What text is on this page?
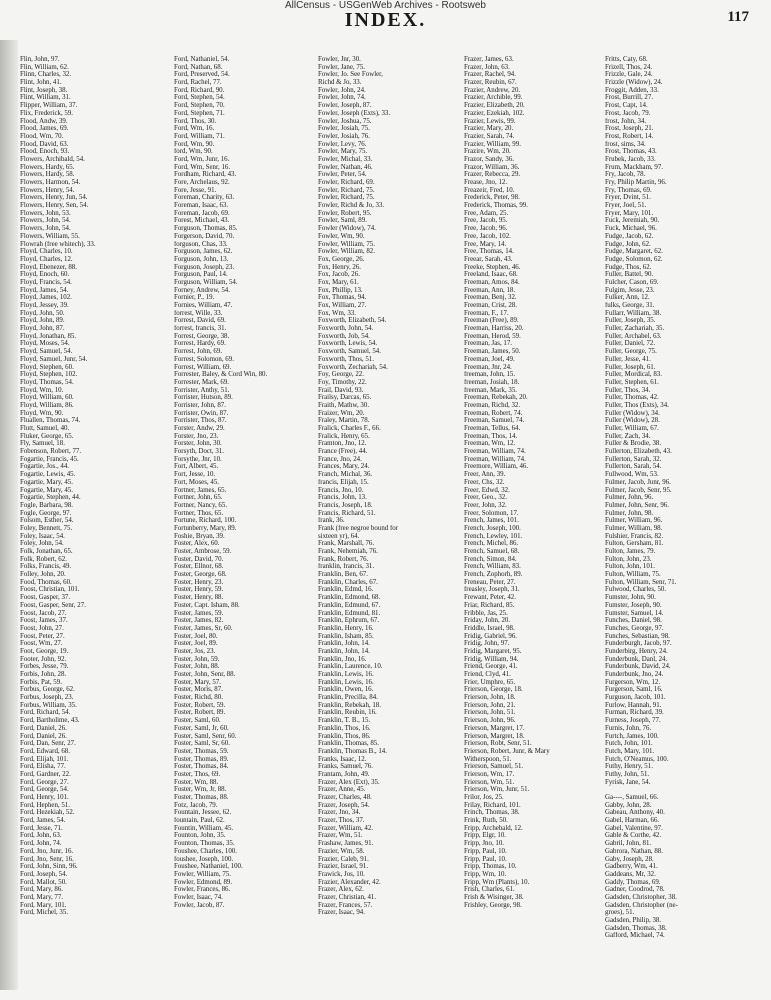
AllCensus - USGenWeb Archives - Rootsweb
INDEX.	117
Flin, John, 97.
Flin, William, 62.
Flinn, Charles, 32.
Flint, John, 41.
Flint, Joseph, 38.
Flint, William, 31.
Flipper, William, 37.
Flix, Frederick, 59.
Flood, Andw, 39.
Flood, James, 69.
Flood, Wm, 70.
Flood, David, 63.
Flood, Enoch, 93.
Flowers, Archibald, 54.
Flowers, Hardy, 65.
Flowers, Hardy, 58.
Flowers, Harmon, 54.
Flowers, Henry, 54.
Flowers, Henry, Jun, 54.
Flowers, Henry, Sen, 54.
Flowers, John, 53.
Flowers, John, 54.
Flowers, John, 54.
Flowers, William, 55.
Flowrah (free whitech), 33.
Floyd, Charles, 10.
Floyd, Charles, 12.
Floyd, Ebenezer, 88.
Floyd, Enoch, 60.
Floyd, Francis, 54.
Floyd, James, 54.
Floyd, James, 102.
Floyd, Jessey, 39.
Floyd, John, 50.
Floyd, John, 89.
Floyd, John, 87.
Floyd, Jonathan, 85.
Floyd, Moses, 54.
Floyd, Samuel, 54.
Floyd, Samuel, Junr, 54.
Floyd, Stephen, 60.
Floyd, Stephen, 102.
Floyd, Thomas, 54.
Floyd, Wm, 10.
Floyd, William, 60.
Floyd, William, 86.
Floyd, Wm, 90.
Fluallen, Thomas, 74.
Flutt, Samuel, 40.
Fluker, George, 65.
Fly, Samuel, 18.
Fobenson, Robert, 77.
Fogartie, Francis, 45.
Fogartie, Jos., 44.
Fogartie, Lewis, 45.
Fogartie, Mary, 45.
Fogartie, Mary, 45.
Fogartie, Stephen, 44.
Fogle, Barbara, 98.
Fogle, George, 97.
Folsom, Esther, 54.
Foley, Bennett, 75.
Foley, Isaac, 54.
Foley, John, 54.
Folk, Jonathan, 65.
Folk, Robert, 62.
Folks, Francis, 49.
Folley, John, 20.
Food, Thomas, 60.
Foost, Christian, 101.
Foost, Gasper, 37.
Foost, Gasper, Senr, 27.
Foost, Jacob, 27.
Foost, James, 37.
Foost, John, 27.
Foost, Peter, 27.
Foost, Wm, 27.
Foot, George, 19.
Footer, John, 92.
Forbes, Jesse, 79.
Forbis, John, 28.
Forbis, Pat, 59.
Forbus, George, 62.
Forbus, Joseph, 23.
Forbus, William, 35.
Ford, Richard, 54.
Ford, Bartholime, 43.
Ford, Daniel, 26.
Ford, Daniel, 26.
Ford, Dan, Senr, 27.
Ford, Edward, 68.
Ford, Elijah, 101.
Ford, Elisha, 77.
Ford, Gardner, 22.
Ford, George, 27.
Ford, George, 54.
Ford, Henry, 101.
Ford, Hephen, 51.
Ford, Hezekiah, 52.
Ford, James, 54.
Ford, Jesse, 71.
Ford, John, 63.
Ford, John, 74.
Ford, Jno, Junr, 16.
Ford, Jno, Senr, 16.
Ford, John, Sinn, 96.
Ford, Joseph, 54.
Ford, Mallot, 50.
Ford, Mary, 86.
Ford, Mary, 77.
Ford, Mary, 101.
Ford, Michel, 35.
Ford, Nathaniel, 54.
Ford, Nathan, 68.
Ford, Preserved, 54.
Ford, Rachel, 77.
Ford, Richard, 90.
Ford, Stephen, 54.
Ford, Stephen, 70.
Ford, Stephen, 71.
Ford, Thos, 30.
Ford, Wm, 16.
Ford, William, 71.
Ford, Wm, 90.
ford, Wm, 90.
Ford, Wm, Junr, 16.
Ford, Wm, Senr, 16.
Fordham, Richard, 43.
Fore, Archelaus, 92.
Fore, Jesse, 91.
Foreman, Charity, 63.
Foreman, Isaac, 63.
Foreman, Jacob, 69.
Forest, Michael, 43.
Forguson, Thomas, 85.
Forgerson, David, 70.
forguson, Chas, 33.
Forguson, James, 62.
Forguson, John, 13.
Forguson, Joseph, 23.
Forguson, Paul, 14.
Forguson, William, 54.
Forney, Andrew, 54.
Fornier, P., 19.
Fornies, William, 47.
forrest, Wille, 33.
Forrest, David, 69.
forrest, francis, 31.
Forrest, George, 38.
Forrest, Hardy, 69.
Forrest, John, 69.
Forrest, Solomon, 69.
Forrest, William, 69.
Forrester, Baley, & Cord Win, 80.
Forrester, Mark, 69.
Forrister, Anthy, 51.
Forrister, Hutson, 89.
Forrister, John, 87.
Forrister, Owin, 87.
Forrister, Thos, 87.
Forster, Andw, 29.
Forster, Jno, 23.
Forster, John, 30.
Forsyth, Doct, 31.
Forsythe, Jnr, 10.
Fort, Albert, 45.
Fort, Jesse, 10.
Fort, Moses, 45.
Fortner, James, 65.
Fortner, John, 65.
Fortner, Nancy, 65.
Fortner, Thos, 65.
Fortune, Richard, 100.
Fortunberry, Mary, 89.
Foshie, Bryan, 39.
Foster, Alex, 60.
Foster, Ambrose, 59.
Foster, David, 70.
Foster, Ellnor, 68.
Foster, George, 68.
Foster, Henry, 23.
Foster, Henry, 59.
Foster, Henry, 88.
Foster, Capt. Isham, 88.
Foster, James, 59.
Foster, James, 82.
Foster, James, Sr, 60.
Foster, Joel, 80.
Foster, Joel, 89.
Foster, Jos, 23.
Foster, John, 59.
Foster, John, 88.
Foster, John, Senr, 88.
Foster, Mary, 57.
Foster, Moris, 87.
Foster, Richd, 80.
Foster, Robert, 59.
Foster, Robert, 89.
Foster, Saml, 60.
Foster, Saml, Jr, 60.
Foster, Saml, Senr, 60.
Foster, Saml, Sr, 60.
Foster, Thomas, 59.
Foster, Thomas, 89.
Foster, Thomas, 84.
Foster, Thos, 69.
Foster, Wm, 88.
Foster, Wm, Jr, 88.
Foster, Thomas, 88.
Fotz, Jacob, 79.
Fountain, Jessee, 62.
fountain, Paul, 62.
Fountin, William, 45.
Founton, John, 35.
Founton, Thomas, 35.
Foushee, Charles, 100.
foushee, Joseph, 100.
Foushee, Nathaniel, 100.
Fowler, William, 75.
Fowler, Edmond, 89.
Fowler, Frances, 86.
Fowler, Isaac, 74.
Fowler, Jacob, 87.
Fowler, Jnr, 30.
Fowler, Jane, 75.
Fowler, Jo. See Fowler,
Richd & Jo, 33.
Fowler, John, 24.
Fowler, John, 74.
Fowler, Joseph, 87.
Fowler, Joseph (Exts), 33.
Fowler, Joshua, 75.
Fowler, Josiah, 75.
Fowler, Josiah, 76.
Fowler, Levy, 76.
Fowler, Mary, 75.
Fowler, Michal, 33.
Fowler, Nathan, 46.
Fowler, Peter, 54.
Fowler, Richard, 69.
Fowler, Richard, 75.
Fowler, Richard, 75.
Fowler, Richd & Jo, 33.
Fowler, Robert, 95.
Fowler, Saml, 89.
Fowler (Widow), 74.
Fowler, Wm, 90.
Fowler, William, 75.
Fowler, William, 82.
Fox, George, 26.
Fox, Henry, 26.
Fox, Jacob, 26.
Fox, Mary, 61.
Fox, Phillip, 13.
Fox, Thomas, 94.
Fox, William, 27.
Fox, Wm, 33.
Foxworth, Elizabeth, 54.
Foxworth, John, 54.
Foxworth, Job, 54.
Foxworth, Lewis, 54.
Foxworth, Samuel, 54.
Foxworth, Thos, 51.
Foxworth, Zechariah, 54.
Foy, George, 22.
Foy, Timothy, 22.
Frail, David, 93.
Frailsy, Darcas, 65.
Fraith, Mathw, 30.
Fraizer, Wm, 20.
Fraley, Martin, 78.
Fralick, Charles F., 66.
Fralick, Henry, 65.
Framton, Jno, 12.
France (Free), 44.
France, Jno, 24.
Frances, Mary, 24.
Franch, Michal, 36.
francis, Elijah, 15.
Francis, Jno, 10.
Francis, John, 13.
Francis, Joseph, 18.
Francis, Richard, 51.
frank, 36.
Frank (free negroe bound for
sixteen yr), 64.
Frank, Marshall, 76.
Frank, Nehemiah, 76.
Frank, Robert, 76.
franklin, francis, 31.
Franklin, Ben, 67.
Franklin, Charles, 67.
Franklin, Edmd, 16.
Franklin, Edmond, 68.
Franklin, Edmund, 67.
Franklin, Edmund, 81.
Franklin, Ephrum, 67.
Franklin, Henry, 16.
Franklin, Isham, 85.
Franklin, John, 14.
Franklin, John, 14.
Franklin, Jno, 16.
Franklin, Laurence, 10.
Franklin, Lewis, 16.
Franklin, Lewis, 16.
Franklin, Owen, 16.
Franklin, Precilla, 84.
Franklin, Rebekah, 18.
Franklin, Reubin, 16.
Franklin, T. B., 15.
Franklin, Thos, 16.
Franklin, Thos, 86.
Franklin, Thomas, 85.
Franklin, Thomas B., 14.
Franks, Isaac, 12.
Franks, Samuel, 76.
Frantam, John, 49.
Frazer, Alex (Ext), 35.
Frazer, Anne, 45.
Frazer, Charles, 48.
Frazer, Joseph, 54.
Frazer, Jno, 34.
Frazer, Thos, 37.
Frazer, William, 42.
Frazer, Wm, 51.
Frashaw, James, 91.
Frazier, Wm, 58.
Frazier, Caleb, 91.
Frazier, Israel, 91.
Frawick, Jos, 10.
Frazier, Alexander, 42.
Frazer, Alex, 62.
Frazer, Christian, 41.
Frazer, Frances, 57.
Frazer, Isaac, 94.
Frazer, James, 63.
Frazer, John, 63.
Frazer, Rachel, 94.
Frazer, Reubin, 67.
Frazier, Andrew, 20.
Frazier, Archible, 99.
Frazier, Elizabeth, 20.
Frazier, Ezekiah, 102.
Frazier, Lewis, 99.
Frazier, Mary, 20.
Frazier, Sarah, 74.
Frazier, William, 99.
Frazire, Wm, 20.
Frazor, Sandy, 36.
Frazor, William, 36.
Frazer, Rebecca, 29.
Frease, Jno, 12.
Freazeir, Fred, 10.
Frederick, Peter, 98.
Frederick, Thomas, 99.
Free, Adam, 25.
Free, Jacob, 95.
Free, Jacob, 96.
Free, Jacob, 102.
Free, Mary, 14.
Free, Thomas, 14.
Freear, Sarah, 43.
Freeke, Stephen, 46.
Freeland, Isaac, 68.
Freeman, Amos, 84.
Freeman, Ann, 18.
Freeman, Benj, 32.
Freeman, Crist, 28.
Freeman, F., 17.
Freeman (Free), 89.
Freeman, Harriss, 20.
Freeman, Herod, 59.
Freeman, Jas, 17.
Freeman, James, 50.
Freeman, Joel, 49.
Freeman, Jnr, 24.
freeman, John, 15.
freeman, Josiah, 18.
freeman, Mark, 35.
Freeman, Rebekah, 20.
Freeman, Richd, 32.
Freeman, Robert, 74.
Freeman, Samuel, 74.
Freeman, Tellus, 64.
Freeman, Thos, 14.
Freeman, Wm, 12.
Freeman, William, 74.
Freeman, William, 74.
Freemore, William, 46.
Freer, Ann, 39.
Freer, Chs, 32.
Freer, Edwd, 32.
Freer, Geo., 32.
Freer, John, 32.
Freer, Solomon, 17.
French, James, 101.
French, Joseph, 100.
French, Lewley, 101.
French, Michel, 86.
French, Samuel, 68.
French, Simon, 84.
French, William, 83.
French, Zophorh, 89.
Freneau, Peter, 27.
freasley, Joseph, 31.
Frewant, Peter, 42.
Friar, Richard, 85.
Fribble, Jas, 25.
Friday, John, 20.
Friddle, Israel, 98.
Fridig, Gabriel, 96.
Fridig, John, 97.
Fridig, Margaret, 95.
Fridig, William, 94.
Friend, George, 41.
Friend, Clyd, 41.
Frier, Umphre, 65.
Frierson, George, 18.
Frierson, John, 18.
Frierson, John, 21.
Frierson, John, 51.
Frierson, John, 96.
Frierson, Margret, 17.
Frierson, Margret, 18.
Frierson, Robt, Senr, 51.
Frierson, Robert, Junr, & Mary
Witherspoon, 51.
Frierson, Samuel, 51.
Frierson, Wm, 17.
Frierson, Wm, 51.
Frierson, Wm, Junr, 51.
Frilor, Jos, 25.
Frilay, Richard, 101.
Frinch, Thomas, 38.
Frink, Ruth, 50.
Fripp, Archebald, 12.
Fripp, Elgr, 10.
Fripp, Jno, 10.
Fripp, Paul, 10.
Fripp, Paul, 10.
Fripp, Thomas, 10.
Fripp, Wm, 10.
Fripp, Wm (Plants), 10.
Frish, Charles, 61.
Frish & Wisinger, 38.
Frishley, George, 98.
Fritts, Caty, 68.
Frizell, Thos, 24.
Frizzle, Gale, 24.
Frizzle (Widow), 24.
Froggit, Adden, 33.
Frost, Burrill, 27.
Frost, Capt, 14.
Frost, Jacob, 79.
frost, John, 34.
Frost, Joseph, 21.
Frost, Robert, 14.
frost, sims, 34.
Frost, Thomas, 43.
Frubek, Jacob, 33.
Frum, Mackham, 97.
Fry, Jacob, 78.
Fry, Philip Martin, 96.
Fry, Thomas, 69.
Fryer, Dvint, 51.
Fryer, Joel, 51.
Fryer, Mary, 101.
Fuck, Jeremiah, 90.
Fuck, Michael, 96.
Fudge, Jacob, 62.
Fudge, John, 62.
Fudge, Margaret, 62.
Fudge, Solomon, 62.
Fudge, Thos, 62.
Fuller, Battel, 90.
Fulcher, Cason, 69.
Fulgim, Jesse, 23.
Fulker, Ann, 12.
fulks, George, 31.
Fullarr, William, 38.
Fuller, Joseph, 35.
Fuller, Zachariah, 35.
Fuller, Archabel, 63.
Fuller, Daniel, 72.
Fuller, George, 75.
Fuller, Jesse, 41.
Fuller, Joseph, 61.
Fuller, Mordical, 83.
Fuller, Stephen, 61.
Fuller, Thos, 34.
Fuller, Thomas, 42.
Fuller, Thos (Exts), 34.
Fuller (Widow), 34.
Fuller (Widow), 28.
Fuller, William, 67.
Fuller, Zach, 34.
Fuller & Brodie, 38.
Fullerton, Elizabeth, 43.
Fullerton, Sarah, 32.
Fullerton, Sarah, 54.
Fullwood, Wm, 53.
Fulmer, Jacob, Junr, 96.
Fulmer, Jacob, Senr, 95.
Fulmer, John, 96.
Fulmer, John, Senr, 96.
Fulmer, John, 98.
Fulmer, William, 96.
Fulmer, William, 98.
Fulshier, Francis, 82.
Fulton, Gersham, 81.
Fulton, James, 79.
Fulton, John, 23.
Fulton, John, 101.
Fulton, William, 75.
Fulton, William, Senr, 71.
Fulwood, Charles, 50.
Fumster, John, 90.
Fumster, Joseph, 90.
Fumster, Samuel, 14.
Funches, Daniel, 98.
Funches, George, 97.
Funches, Sebastian, 98.
Funderburgh, Jacob, 97.
Funderbirg, Henry, 24.
Funderbunk, Danl, 24.
Funderbunk, David, 24.
Funderbunk, Jno, 24.
Furgerson, Wm, 12.
Furgerson, Saml, 16.
Furguson, Jacob, 101.
Furlow, Hannah, 91.
Furman, Richard, 39.
Furness, Joseph, 77.
Furnis, John, 76.
Furtch, James, 100.
Futch, John, 101.
Futch, Mary, 101.
Futch, O'Neamus, 100.
Futhy, Henry, 51.
Futhy, John, 51.
Fyrisk, Jane, 54.
Ga----, Samuel, 66.
Gabby, John, 28.
Gabeau, Anthony, 40.
Gabel, Harman, 66.
Gabel, Valentine, 97.
Gable & Corthe, 42.
Gabril, John, 81.
Gabrora, Nathan, 88.
Gaby, Joseph, 28.
Gadberry, Wm, 41.
Gaddeans, Mr, 32.
Gaddy, Thomas, 69.
Gadner, Coodrod, 78.
Gadsden, Christopher, 38.
Gadsden, Christopher (ne-
groes), 51.
Gadsden, Philip, 38.
Gadsden, Thomas, 38.
Gafford, Michael, 74.
